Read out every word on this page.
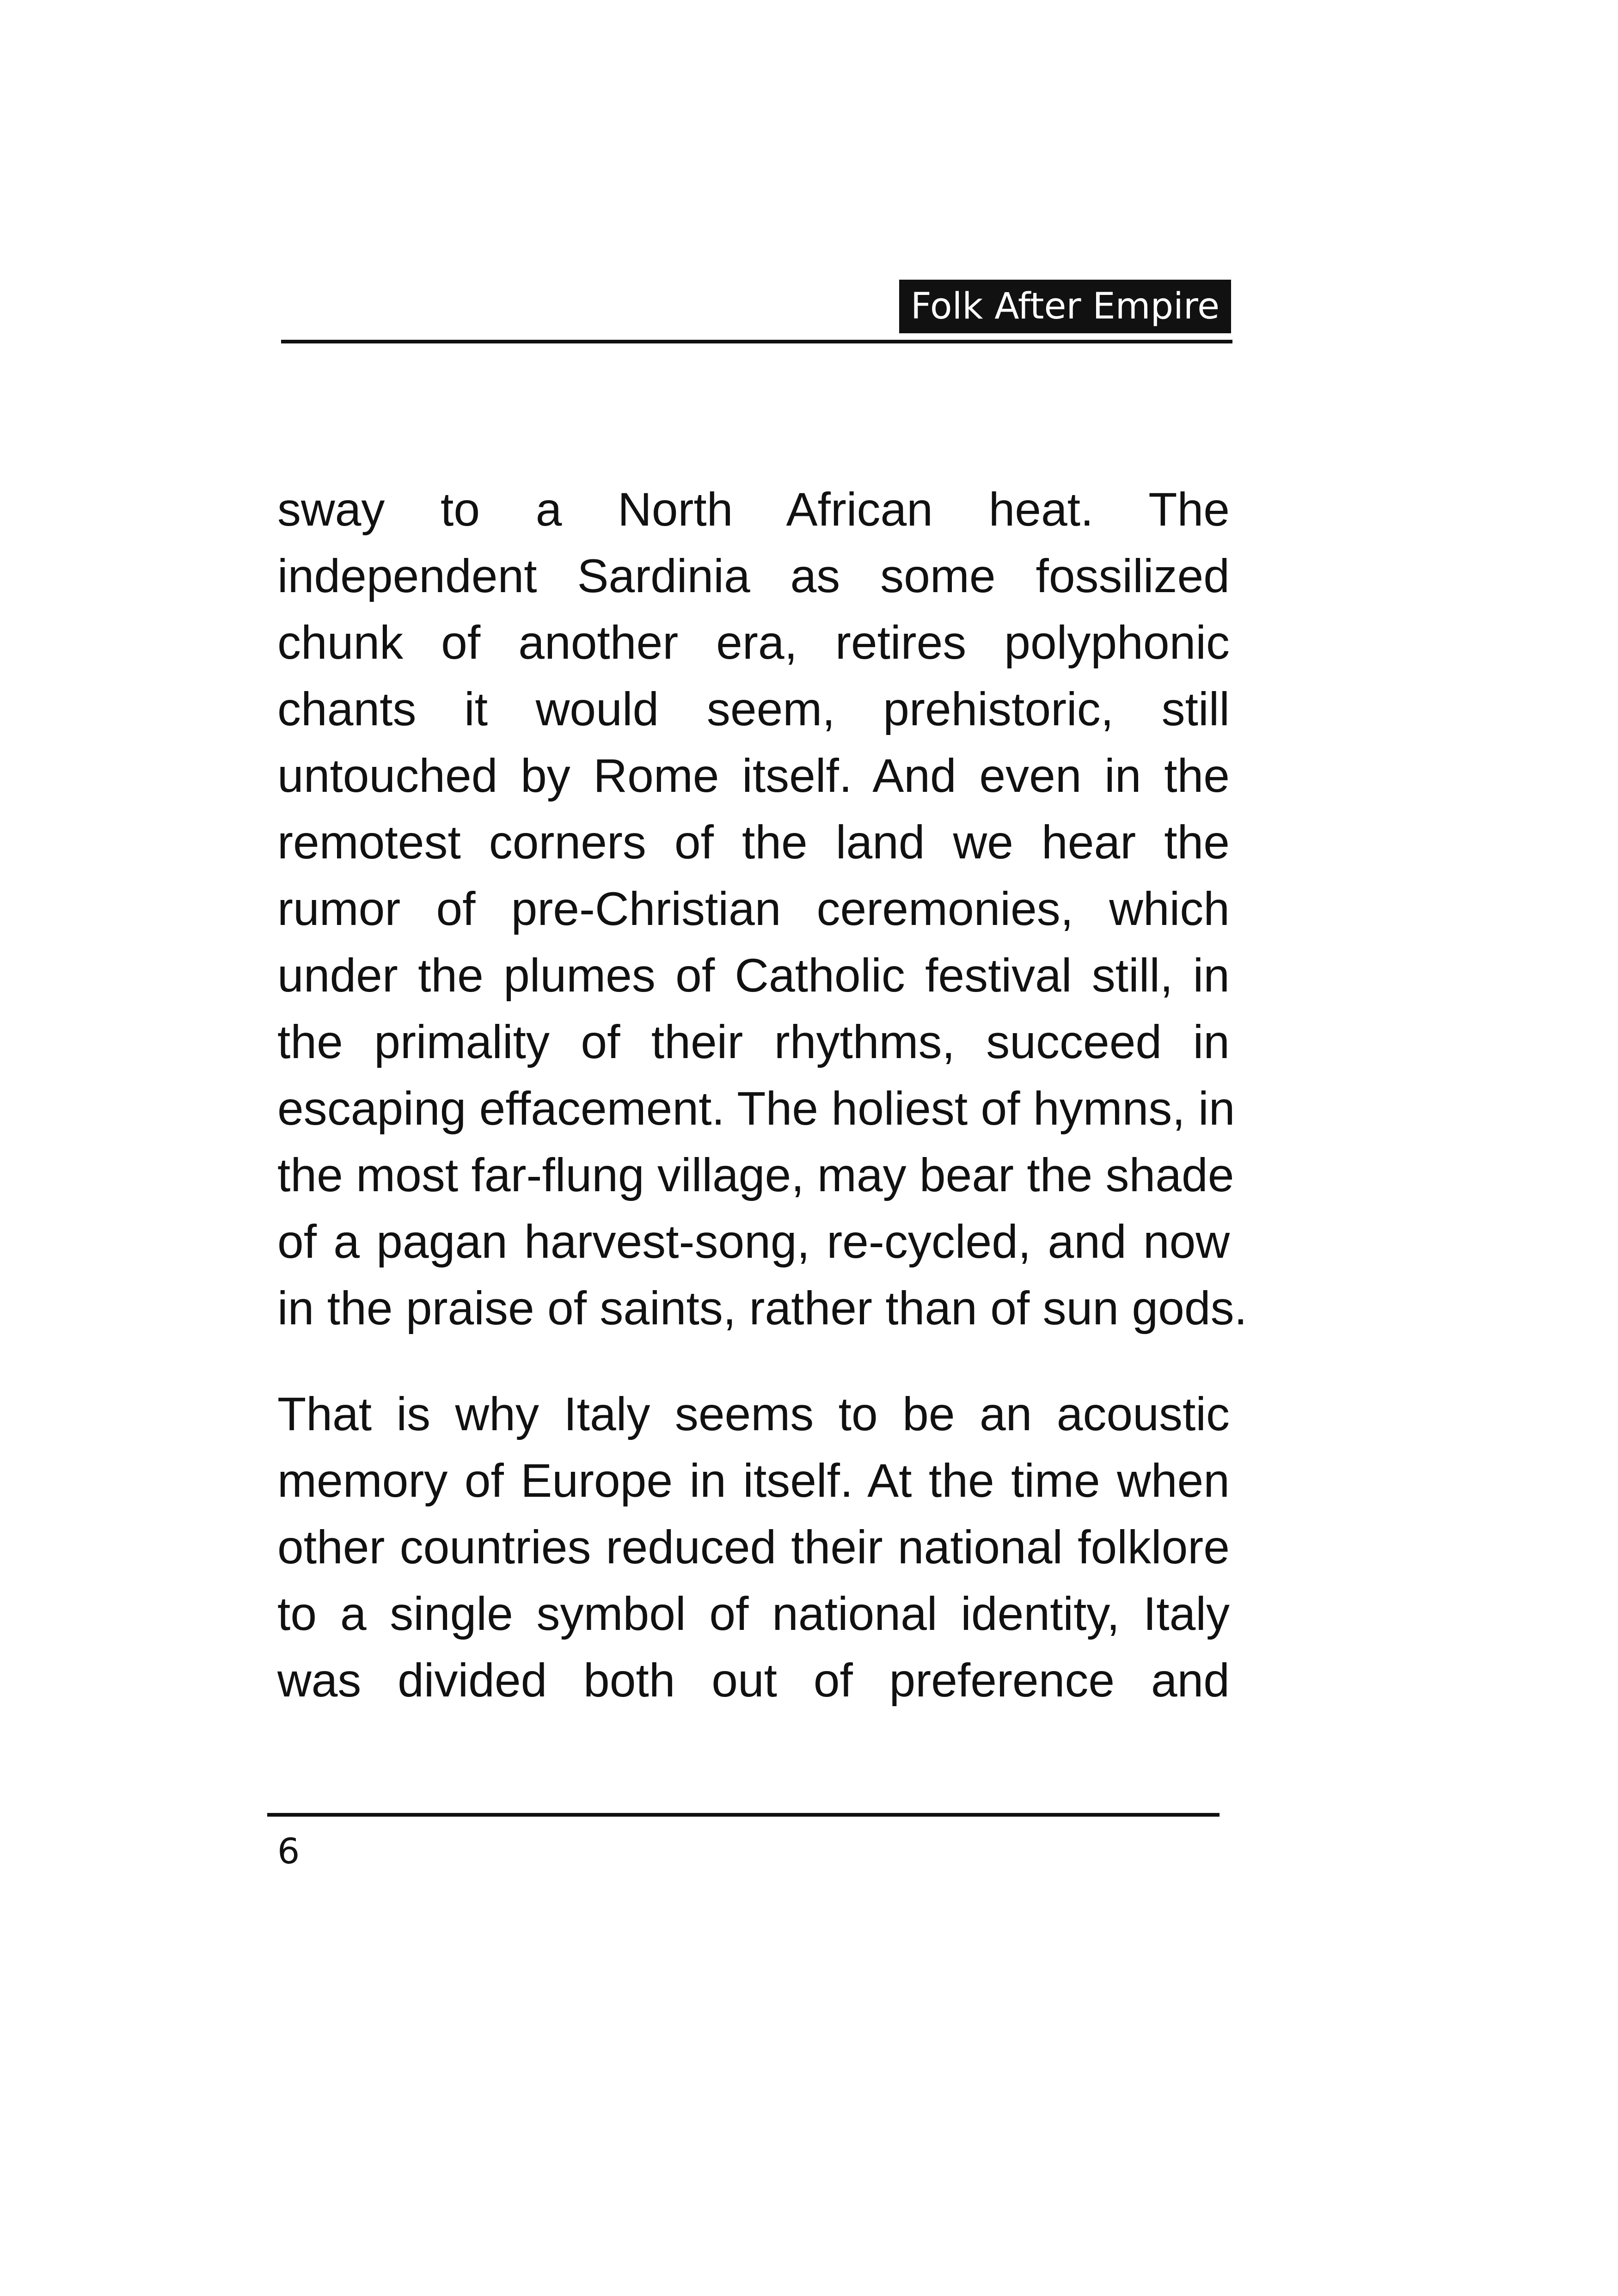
Folk After Empire

sway to a North African heat. The
independent Sardinia as some fossilized
chunk of another era, retires polyphonic
chants it would seem, prehistoric, still
untouched by Rome itself. And even in the
remotest corners of the land we hear the
rumor of pre-Christian ceremonies, which
under the plumes of Catholic festival still, in
the primality of their rhythms, succeed in
escaping effacement. The holiest of hymns, in
the most far-flung village, may bear the shade
of a pagan harvest-song, re-cycled, and now
in the praise of saints, rather than of sun gods.

That is why Italy seems to be an acoustic
memory of Europe in itself. At the time when
other countries reduced their national folklore
to a single symbol of national identity, Italy
was divided both out of preference and

6
